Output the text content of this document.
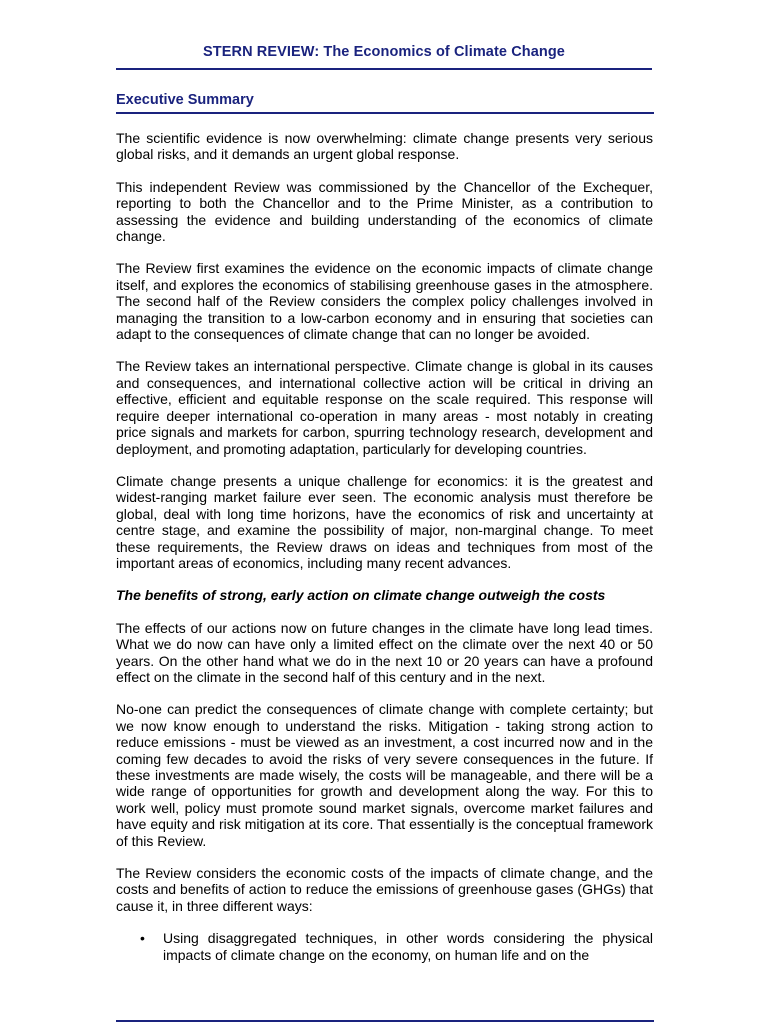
STERN REVIEW: The Economics of Climate Change
Executive Summary

The scientific evidence is now overwhelming: climate change presents very serious global risks, and it demands an urgent global response.

This independent Review was commissioned by the Chancellor of the Exchequer, reporting to both the Chancellor and to the Prime Minister, as a contribution to assessing the evidence and building understanding of the economics of climate change.

The Review first examines the evidence on the economic impacts of climate change itself, and explores the economics of stabilising greenhouse gases in the atmosphere. The second half of the Review considers the complex policy challenges involved in managing the transition to a low-carbon economy and in ensuring that societies can adapt to the consequences of climate change that can no longer be avoided.

The Review takes an international perspective. Climate change is global in its causes and consequences, and international collective action will be critical in driving an effective, efficient and equitable response on the scale required. This response will require deeper international co-operation in many areas - most notably in creating price signals and markets for carbon, spurring technology research, development and deployment, and promoting adaptation, particularly for developing countries.

Climate change presents a unique challenge for economics: it is the greatest and widest-ranging market failure ever seen. The economic analysis must therefore be global, deal with long time horizons, have the economics of risk and uncertainty at centre stage, and examine the possibility of major, non-marginal change. To meet these requirements, the Review draws on ideas and techniques from most of the important areas of economics, including many recent advances.

The benefits of strong, early action on climate change outweigh the costs

The effects of our actions now on future changes in the climate have long lead times. What we do now can have only a limited effect on the climate over the next 40 or 50 years. On the other hand what we do in the next 10 or 20 years can have a profound effect on the climate in the second half of this century and in the next.

No-one can predict the consequences of climate change with complete certainty; but we now know enough to understand the risks. Mitigation - taking strong action to reduce emissions - must be viewed as an investment, a cost incurred now and in the coming few decades to avoid the risks of very severe consequences in the future. If these investments are made wisely, the costs will be manageable, and there will be a wide range of opportunities for growth and development along the way. For this to work well, policy must promote sound market signals, overcome market failures and have equity and risk mitigation at its core. That essentially is the conceptual framework of this Review.

The Review considers the economic costs of the impacts of climate change, and the costs and benefits of action to reduce the emissions of greenhouse gases (GHGs) that cause it, in three different ways:

• Using disaggregated techniques, in other words considering the physical impacts of climate change on the economy, on human life and on the
